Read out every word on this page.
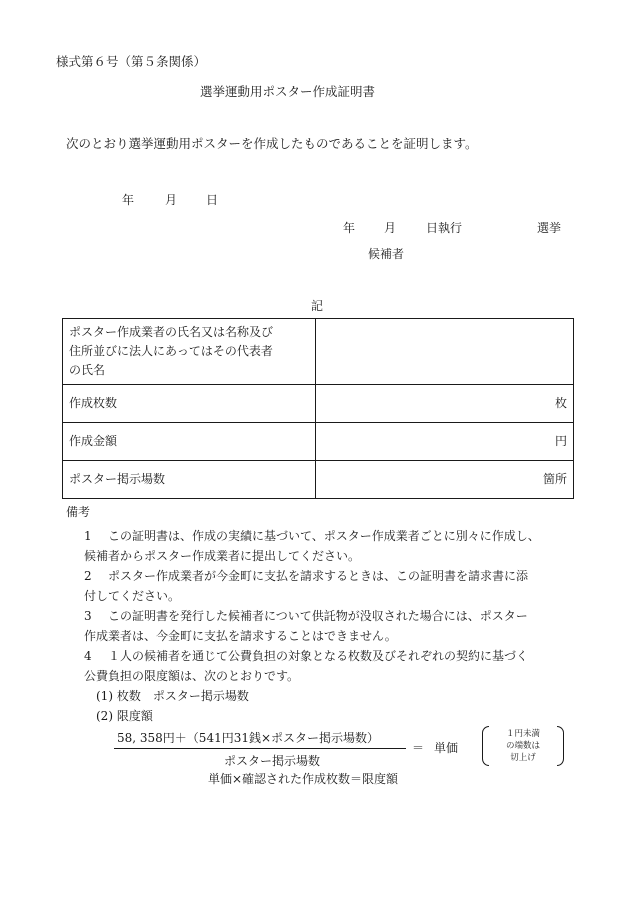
様式第６号（第５条関係）
選挙運動用ポスター作成証明書
次のとおり選挙運動用ポスターを作成したものであることを証明します。
年	月 日
年 月 日執行	選挙
候補者
記
ポスター作成業者の氏名又は名称及び
住所並びに法人にあってはその代表者
の氏名	

作成枚数	枚
作成金額	円
ポスター掲示場数	箇所
備考
1 この証明書は、作成の実績に基づいて、ポスター作成業者ごとに別々に作成し、
候補者からポスター作成業者に提出してください。
2 ポスター作成業者が今金町に支払を請求するときは、この証明書を請求書に添
付してください。
3 この証明書を発行した候補者について供託物が没収された場合には、ポスター
作成業者は、今金町に支払を請求することはできません。
4 １人の候補者を通じて公費負担の対象となる枚数及びそれぞれの契約に基づく
公費負担の限度額は、次のとおりです。
(1) 枚数　ポスター掲示場数
(2) 限度額
58, 358円＋（541円31銭×ポスター掲示場数）
ポスター掲示場数
＝ 単価
１円未満
の端数は
切上げ
単価×確認された作成枚数＝限度額
